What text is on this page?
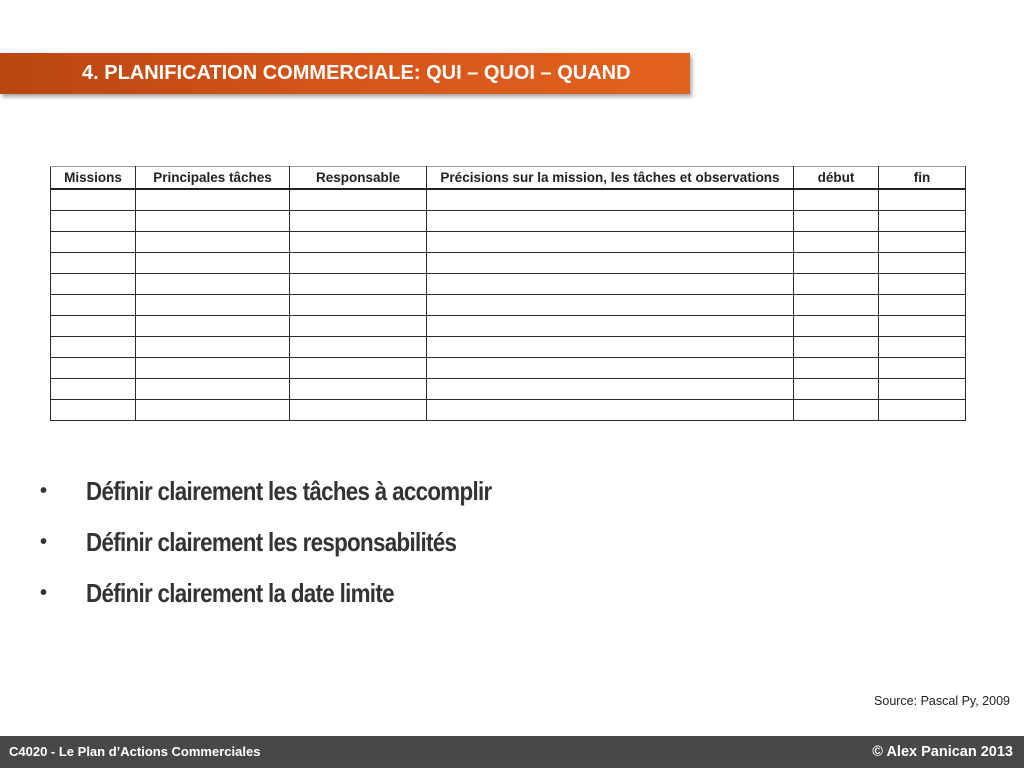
4. PLANIFICATION COMMERCIALE: QUI – QUOI – QUAND
Missions	Principales tâches	Responsable	Précisions sur la mission, les tâches et observations	début	fin

• Définir clairement les tâches à accomplir
• Définir clairement les responsabilités
• Définir clairement la date limite
Source: Pascal Py, 2009
C4020 - Le Plan d’Actions Commerciales	© Alex Panican 2013
